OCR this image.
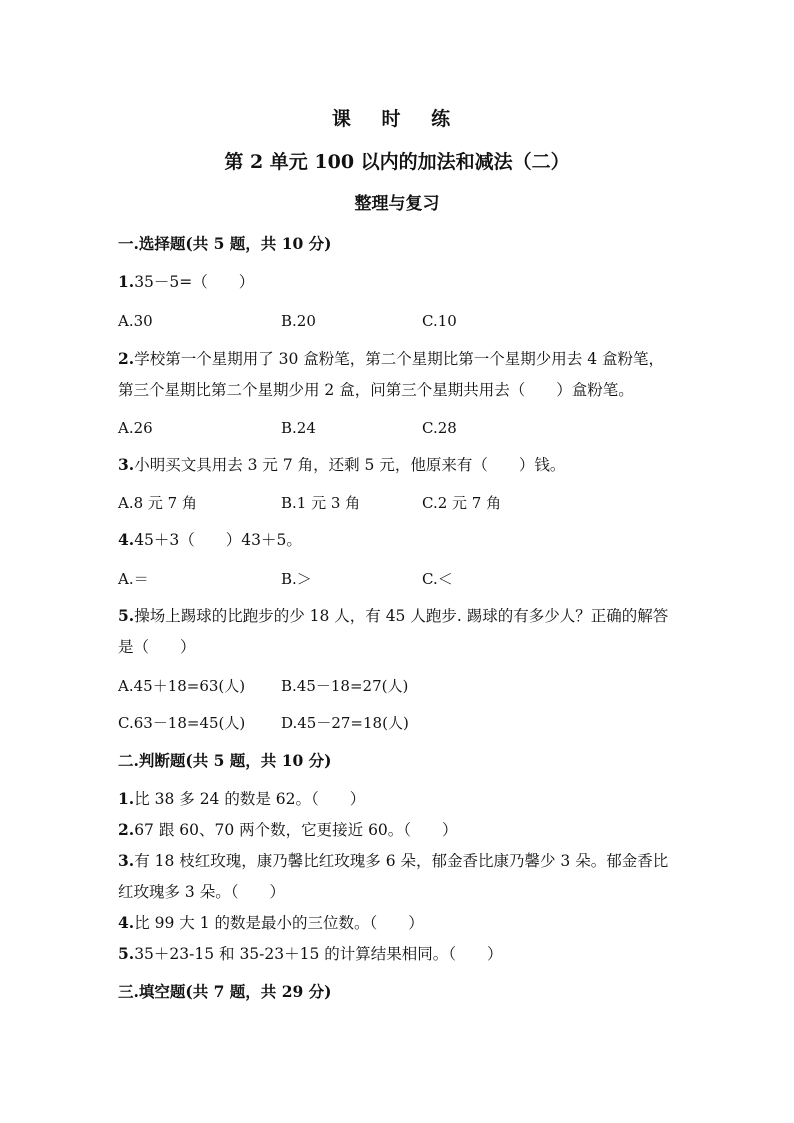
课 时 练
第 2 单元 100 以内的加法和减法（二）
整理与复习
一.选择题(共 5 题，共 10 分)
1.35－5=（　　）
A.30	B.20	C.10
2.学校第一个星期用了 30 盒粉笔，第二个星期比第一个星期少用去 4 盒粉笔，
第三个星期比第二个星期少用 2 盒，问第三个星期共用去（　　）盒粉笔。
A.26	B.24	C.28
3.小明买文具用去 3 元 7 角，还剩 5 元，他原来有（　　）钱。
A.8 元 7 角	B.1 元 3 角	C.2 元 7 角
4.45＋3（　　）43＋5。
A.＝	B.＞	C.＜
5.操场上踢球的比跑步的少 18 人，有 45 人跑步. 踢球的有多少人？正确的解答
是（　　）
A.45＋18=63(人) B.45－18=27(人)
C.63－18=45(人) D.45－27=18(人)
二.判断题(共 5 题，共 10 分)
1.比 38 多 24 的数是 62。（　　）
2.67 跟 60、70 两个数，它更接近 60。（　　）
3.有 18 枝红玫瑰，康乃馨比红玫瑰多 6 朵，郁金香比康乃馨少 3 朵。郁金香比
红玫瑰多 3 朵。（　　）
4.比 99 大 1 的数是最小的三位数。（　　）
5.35＋23-15 和 35-23＋15 的计算结果相同。（　　）
三.填空题(共 7 题，共 29 分)
